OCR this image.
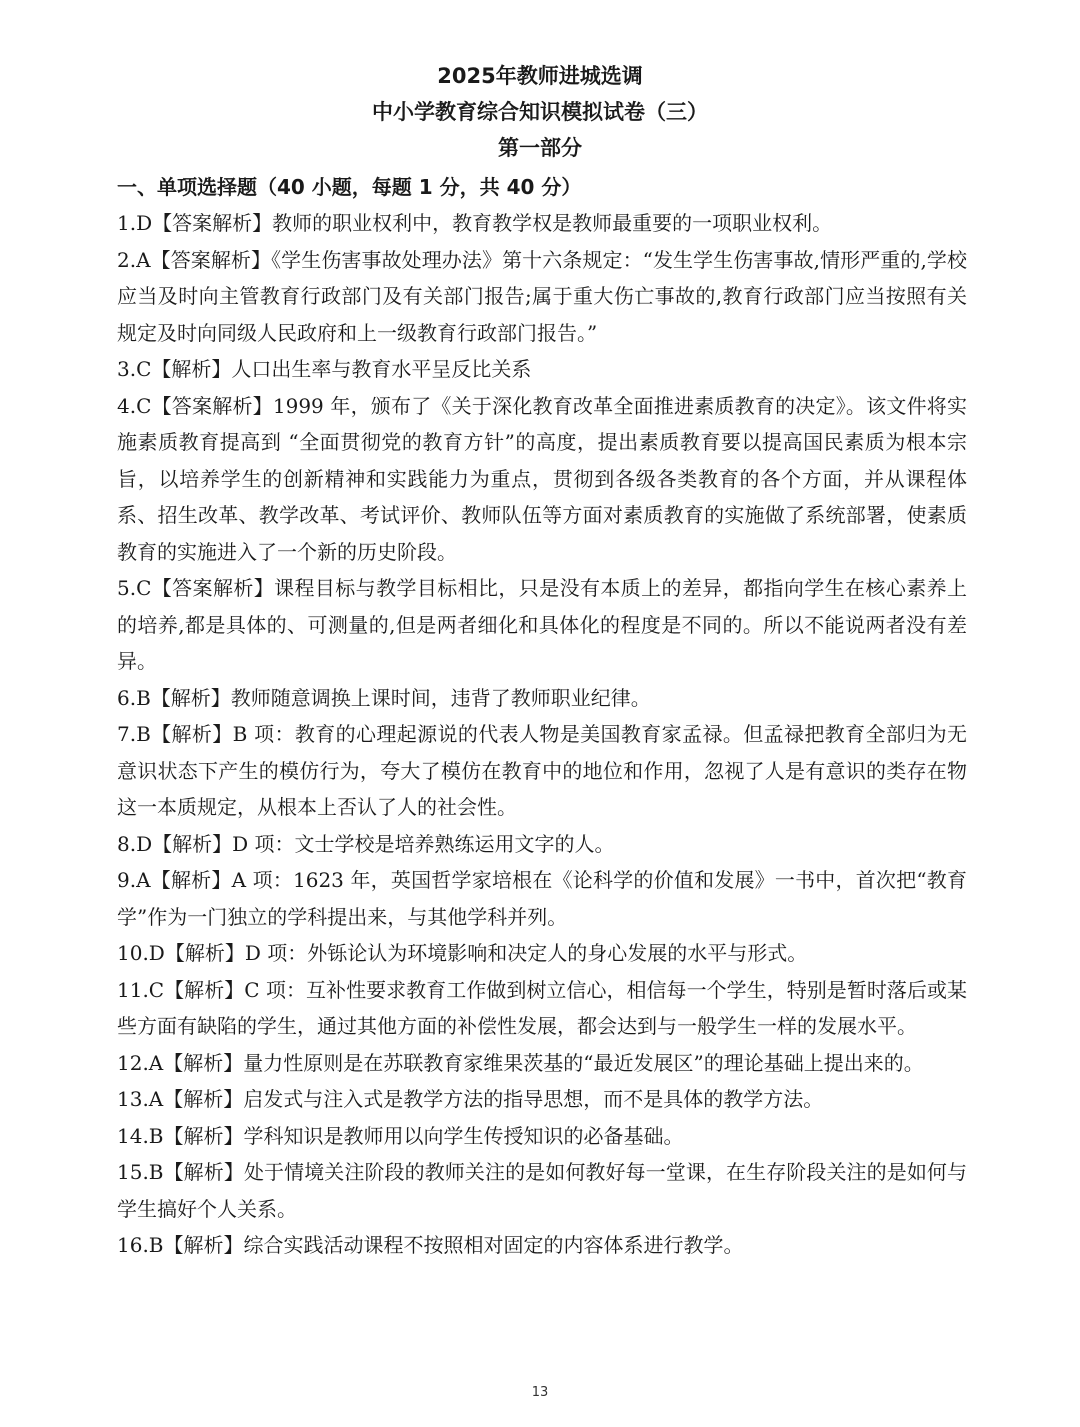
2025年教师进城选调
中小学教育综合知识模拟试卷（三）
第一部分
一、单项选择题（40 小题，每题 1 分，共 40 分）

1.D【答案解析】教师的职业权利中，教育教学权是教师最重要的一项职业权利。

2.A【答案解析】《学生伤害事故处理办法》第十六条规定：“发生学生伤害事故,情形严重的,学校应当及时向主管教育行政部门及有关部门报告;属于重大伤亡事故的,教育行政部门应当按照有关规定及时向同级人民政府和上一级教育行政部门报告。”

3.C【解析】人口出生率与教育水平呈反比关系

4.C【答案解析】1999 年，颁布了《关于深化教育改革全面推进素质教育的决定》。该文件将实施素质教育提高到 “全面贯彻党的教育方针”的高度，提出素质教育要以提高国民素质为根本宗旨，以培养学生的创新精神和实践能力为重点，贯彻到各级各类教育的各个方面，并从课程体系、招生改革、教学改革、考试评价、教师队伍等方面对素质教育的实施做了系统部署，使素质教育的实施进入了一个新的历史阶段。

5.C【答案解析】课程目标与教学目标相比，只是没有本质上的差异，都指向学生在核心素养上的培养,都是具体的、可测量的,但是两者细化和具体化的程度是不同的。所以不能说两者没有差异。

6.B【解析】教师随意调换上课时间，违背了教师职业纪律。

7.B【解析】B 项：教育的心理起源说的代表人物是美国教育家孟禄。但孟禄把教育全部归为无意识状态下产生的模仿行为，夸大了模仿在教育中的地位和作用，忽视了人是有意识的类存在物这一本质规定，从根本上否认了人的社会性。

8.D【解析】D 项：文士学校是培养熟练运用文字的人。

9.A【解析】A 项：1623 年，英国哲学家培根在《论科学的价值和发展》一书中，首次把“教育学”作为一门独立的学科提出来，与其他学科并列。

10.D【解析】D 项：外铄论认为环境影响和决定人的身心发展的水平与形式。

11.C【解析】C 项：互补性要求教育工作做到树立信心，相信每一个学生，特别是暂时落后或某些方面有缺陷的学生，通过其他方面的补偿性发展，都会达到与一般学生一样的发展水平。

12.A【解析】量力性原则是在苏联教育家维果茨基的“最近发展区”的理论基础上提出来的。

13.A【解析】启发式与注入式是教学方法的指导思想，而不是具体的教学方法。

14.B【解析】学科知识是教师用以向学生传授知识的必备基础。

15.B【解析】处于情境关注阶段的教师关注的是如何教好每一堂课，在生存阶段关注的是如何与学生搞好个人关系。

16.B【解析】综合实践活动课程不按照相对固定的内容体系进行教学。

13
